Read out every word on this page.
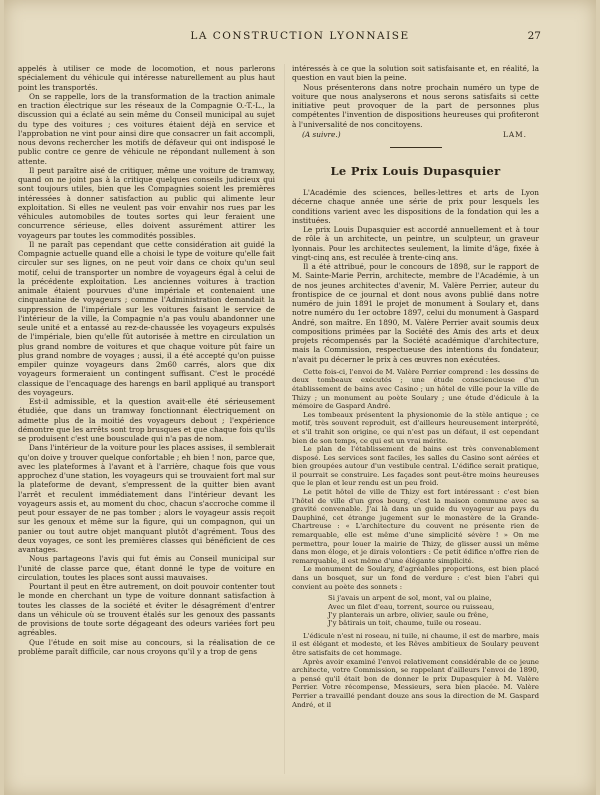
LA CONSTRUCTION LYONNAISE	27

appelés à utiliser ce mode de locomotion, et nous parlerons spécialement du véhicule qui intéresse naturellement au plus haut point les transportés.

On se rappelle, lors de la transformation de la traction animale en traction électrique sur les réseaux de la Compagnie O.-T.-L., la discussion qui a éclaté au sein même du Conseil municipal au sujet du type des voitures ; ces voitures étaient déjà en service et l'approbation ne vint pour ainsi dire que consacrer un fait accompli, nous devons rechercher les motifs de défaveur qui ont indisposé le public contre ce genre de véhicule ne répondant nullement à son attente.

Il peut paraître aisé de critiquer, même une voiture de tramway, quand on ne joint pas à la critique quelques conseils judicieux qui sont toujours utiles, bien que les Compagnies soient les premières intéressées à donner satisfaction au public qui alimente leur exploitation. Si elles ne veulent pas voir envahir nos rues par les véhicules automobiles de toutes sortes qui leur feraient une concurrence sérieuse, elles doivent assurément attirer les voyageurs par toutes les commodités possibles.

Il ne paraît pas cependant que cette considération ait guidé la Compagnie actuelle quand elle a choisi le type de voiture qu'elle fait circuler sur ses lignes, on ne peut voir dans ce choix qu'un seul motif, celui de transporter un nombre de voyageurs égal à celui de la précédente exploitation. Les anciennes voitures à traction animale étaient pourvues d'une impériale et contenaient une cinquantaine de voyageurs ; comme l'Administration demandait la suppression de l'impériale sur les voitures faisant le service de l'intérieur de la ville, la Compagnie n'a pas voulu abandonner une seule unité et a entassé au rez-de-chaussée les voyageurs expulsés de l'impériale, bien qu'elle fût autorisée à mettre en circulation un plus grand nombre de voitures et que chaque voiture pût faire un plus grand nombre de voyages ; aussi, il a été accepté qu'on puisse empiler quinze voyageurs dans 2m60 carrés, alors que dix voyageurs formeraient un contingent suffisant. C'est le procédé classique de l'encaquage des harengs en baril appliqué au transport des voyageurs.

Est-il admissible, et la question avait-elle été sérieusement étudiée, que dans un tramway fonctionnant électriquement on admette plus de la moitié des voyageurs debout ; l'expérience démontre que les arrêts sont trop brusques et que chaque fois qu'ils se produisent c'est une bousculade qui n'a pas de nom.

Dans l'intérieur de la voiture pour les places assises, il semblerait qu'on doive y trouver quelque confortable ; eh bien ! non, parce que, avec les plateformes à l'avant et à l'arrière, chaque fois que vous approchez d'une station, les voyageurs qui se trouvaient fort mal sur la plateforme de devant, s'empressent de la quitter bien avant l'arrêt et reculent immédiatement dans l'intérieur devant les voyageurs assis et, au moment du choc, chacun s'accroche comme il peut pour essayer de ne pas tomber ; alors le voyageur assis reçoit sur les genoux et même sur la figure, qui un compagnon, qui un panier ou tout autre objet manquant plutôt d'agrément. Tous des deux voyages, ce sont les premières classes qui bénéficient de ces avantages.

Nous partageons l'avis qui fut émis au Conseil municipal sur l'unité de classe parce que, étant donné le type de voiture en circulation, toutes les places sont aussi mauvaises.

Pourtant il peut en être autrement, on doit pouvoir contenter tout le monde en cherchant un type de voiture donnant satisfaction à toutes les classes de la société et éviter le désagrément d'entrer dans un véhicule où se trouvent étalés sur les genoux des passants de provisions de toute sorte dégageant des odeurs variées fort peu agréables.

Que l'étude en soit mise au concours, si la réalisation de ce problème paraît difficile, car nous croyons qu'il y a trop de gens

intéressés à ce que la solution soit satisfaisante et, en réalité, la question en vaut bien la peine.

Nous présenterons dans notre prochain numéro un type de voiture que nous analyserons et nous serons satisfaits si cette initiative peut provoquer de la part de personnes plus compétentes l'invention de dispositions heureuses qui profiteront à l'universalité de nos concitoyens.

(A suivre.)	LAM.
Le Prix Louis Dupasquier

L'Académie des sciences, belles-lettres et arts de Lyon décerne chaque année une série de prix pour lesquels les conditions varient avec les dispositions de la fondation qui les a instituées.

Le prix Louis Dupasquier est accordé annuellement et à tour de rôle à un architecte, un peintre, un sculpteur, un graveur lyonnais. Pour les architectes seulement, la limite d'âge, fixée à vingt-cinq ans, est reculée à trente-cinq ans.

Il a été attribué, pour le concours de 1898, sur le rapport de M. Sainte-Marie Perrin, architecte, membre de l'Académie, à un de nos jeunes architectes d'avenir, M. Valère Perrier, auteur du frontispice de ce journal et dont nous avons publié dans notre numéro de juin 1891 le projet de monument à Soulary et, dans notre numéro du 1er octobre 1897, celui du monument à Gaspard André, son maître. En 1890, M. Valère Perrier avait soumis deux compositions primées par la Société des Amis des arts et deux projets récompensés par la Société académique d'architecture, mais la Commission, respectueuse des intentions du fondateur, n'avait pu décerner le prix à ces œuvres non exécutées.

Cette fois-ci, l'envoi de M. Valère Perrier comprend : les dessins de deux tombeaux exécutés ; une étude consciencieuse d'un établissement de bains avec Casino ; un hôtel de ville pour la ville de Thizy ; un monument au poète Soulary ; une étude d'édicule à la mémoire de Gaspard André.

Les tombeaux présentent la physionomie de la stèle antique ; ce motif, très souvent reproduit, est d'ailleurs heureusement interprété, et s'il trahit son origine, ce qui n'est pas un défaut, il est cependant bien de son temps, ce qui est un vrai mérite.

Le plan de l'établissement de bains est très convenablement disposé. Les services sont faciles, les salles du Casino sont aérées et bien groupées autour d'un vestibule central. L'édifice serait pratique, il pourrait se construire. Les façades sont peut-être moins heureuses que le plan et leur rendu est un peu froid.

Le petit hôtel de ville de Thizy est fort intéressant : c'est bien l'hôtel de ville d'un gros bourg, c'est la maison commune avec sa gravité convenable. J'ai là dans un guide du voyageur au pays du Dauphiné, cet étrange jugement sur le monastère de la Grande-Chartreuse : « L'architecture du couvent ne présente rien de remarquable, elle est même d'une simplicité sévère ! » On me permettra, pour louer la mairie de Thizy, de glisser aussi un même dans mon éloge, et je dirais volontiers : Ce petit édifice n'offre rien de remarquable, il est même d'une élégante simplicité.

Le monument de Soulary, d'agréables proportions, est bien placé dans un bosquet, sur un fond de verdure : c'est bien l'abri qui convient au poète des sonnets :

Si j'avais un arpent de sol, mont, val ou plaine,
Avec un filet d'eau, torrent, source ou ruisseau,
J'y planterais un arbre, olivier, saule ou frêne,
J'y bâtirais un toit, chaume, tuile ou roseau.

L'édicule n'est ni roseau, ni tuile, ni chaume, il est de marbre, mais il est élégant et modeste, et les Rêves ambitieux de Soulary peuvent être satisfaits de cet hommage.

Après avoir examiné l'envoi relativement considérable de ce jeune architecte, votre Commission, se rappelant d'ailleurs l'envoi de 1890, a pensé qu'il était bon de donner le prix Dupasquier à M. Valère Perrier. Votre récompense, Messieurs, sera bien placée. M. Valère Perrier a travaillé pendant douze ans sous la direction de M. Gaspard André, et il
